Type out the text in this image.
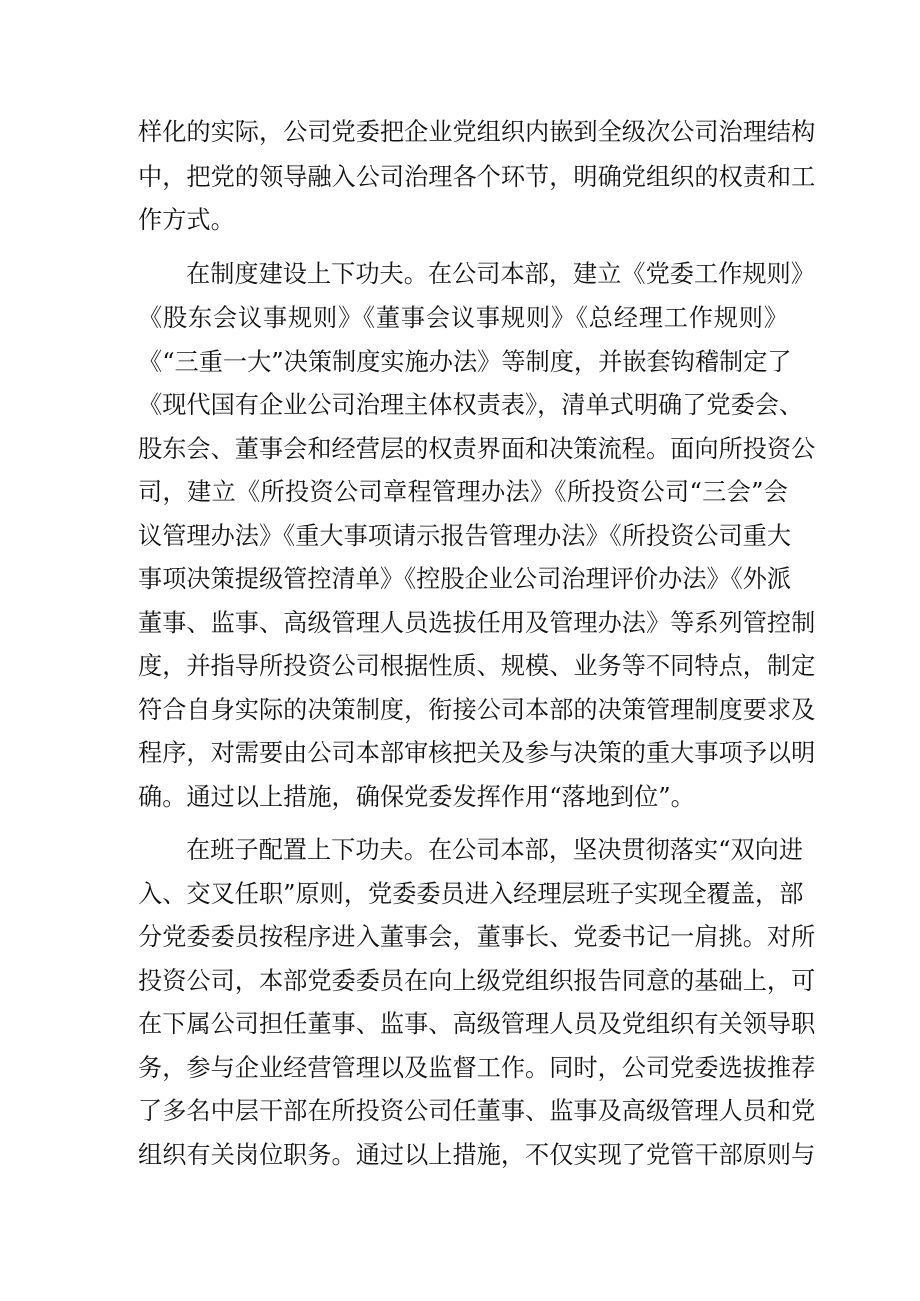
样化的实际，公司党委把企业党组织内嵌到全级次公司治理结构
中，把党的领导融入公司治理各个环节，明确党组织的权责和工
作方式。
在制度建设上下功夫。在公司本部，建立《党委工作规则》
《股东会议事规则》《董事会议事规则》《总经理工作规则》
《“三重一大”决策制度实施办法》等制度，并嵌套钩稽制定了
《现代国有企业公司治理主体权责表》，清单式明确了党委会、
股东会、董事会和经营层的权责界面和决策流程。面向所投资公
司，建立《所投资公司章程管理办法》《所投资公司“三会”会
议管理办法》《重大事项请示报告管理办法》《所投资公司重大
事项决策提级管控清单》《控股企业公司治理评价办法》《外派
董事、监事、高级管理人员选拔任用及管理办法》等系列管控制
度，并指导所投资公司根据性质、规模、业务等不同特点，制定
符合自身实际的决策制度，衔接公司本部的决策管理制度要求及
程序，对需要由公司本部审核把关及参与决策的重大事项予以明
确。通过以上措施，确保党委发挥作用“落地到位”。
在班子配置上下功夫。在公司本部，坚决贯彻落实“双向进
入、交叉任职”原则，党委委员进入经理层班子实现全覆盖，部
分党委委员按程序进入董事会，董事长、党委书记一肩挑。对所
投资公司，本部党委委员在向上级党组织报告同意的基础上，可
在下属公司担任董事、监事、高级管理人员及党组织有关领导职
务，参与企业经营管理以及监督工作。同时，公司党委选拔推荐
了多名中层干部在所投资公司任董事、监事及高级管理人员和党
组织有关岗位职务。通过以上措施，不仅实现了党管干部原则与
